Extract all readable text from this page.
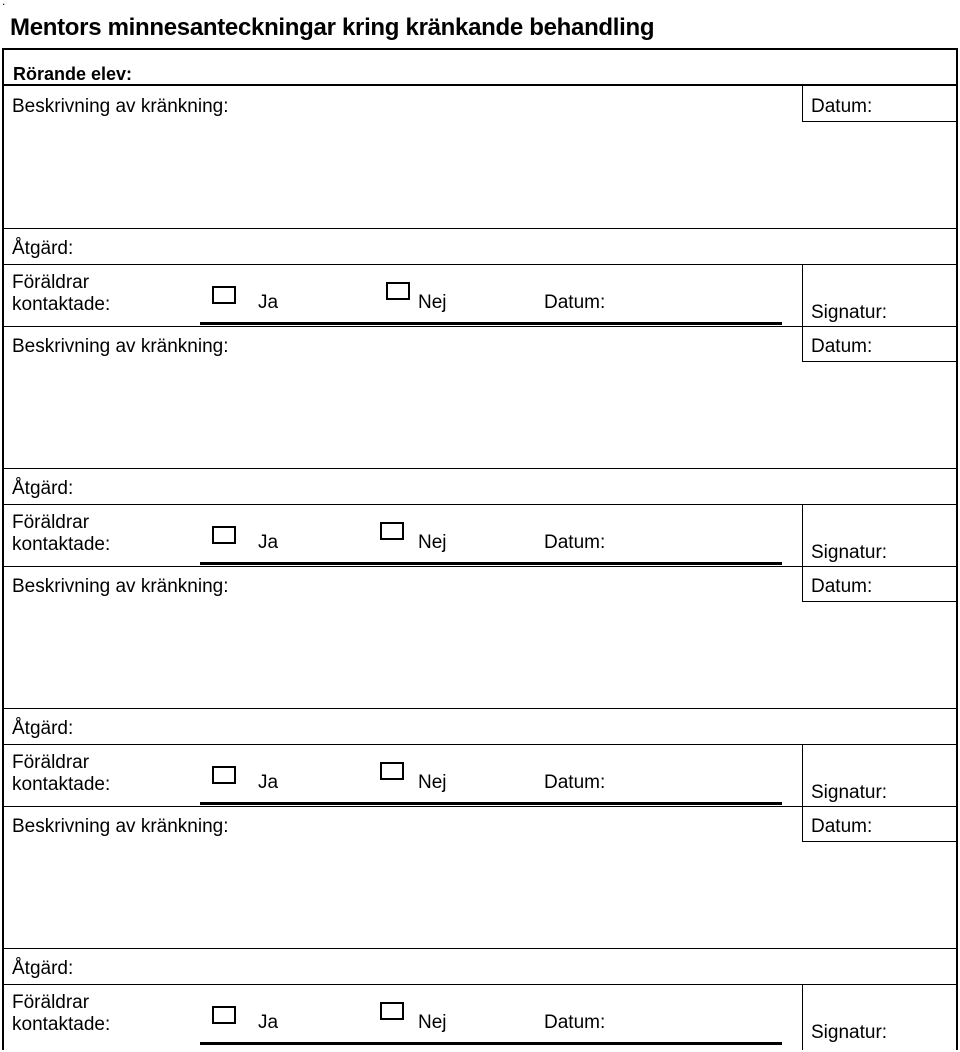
.
Mentors minnesanteckningar kring kränkande behandling
Rörande elev:
Beskrivning av kränkning:	Datum:
Åtgärd:
Föräldrar
kontaktade:	Ja	Nej	Datum:	Signatur:
Beskrivning av kränkning:	Datum:
Åtgärd:
Föräldrar
kontaktade:	Ja	Nej	Datum:	Signatur:
Beskrivning av kränkning:	Datum:
Åtgärd:
Föräldrar
kontaktade:	Ja	Nej	Datum:	Signatur:
Beskrivning av kränkning:	Datum:
Åtgärd:
Föräldrar
kontaktade:	Ja	Nej	Datum:	Signatur:
